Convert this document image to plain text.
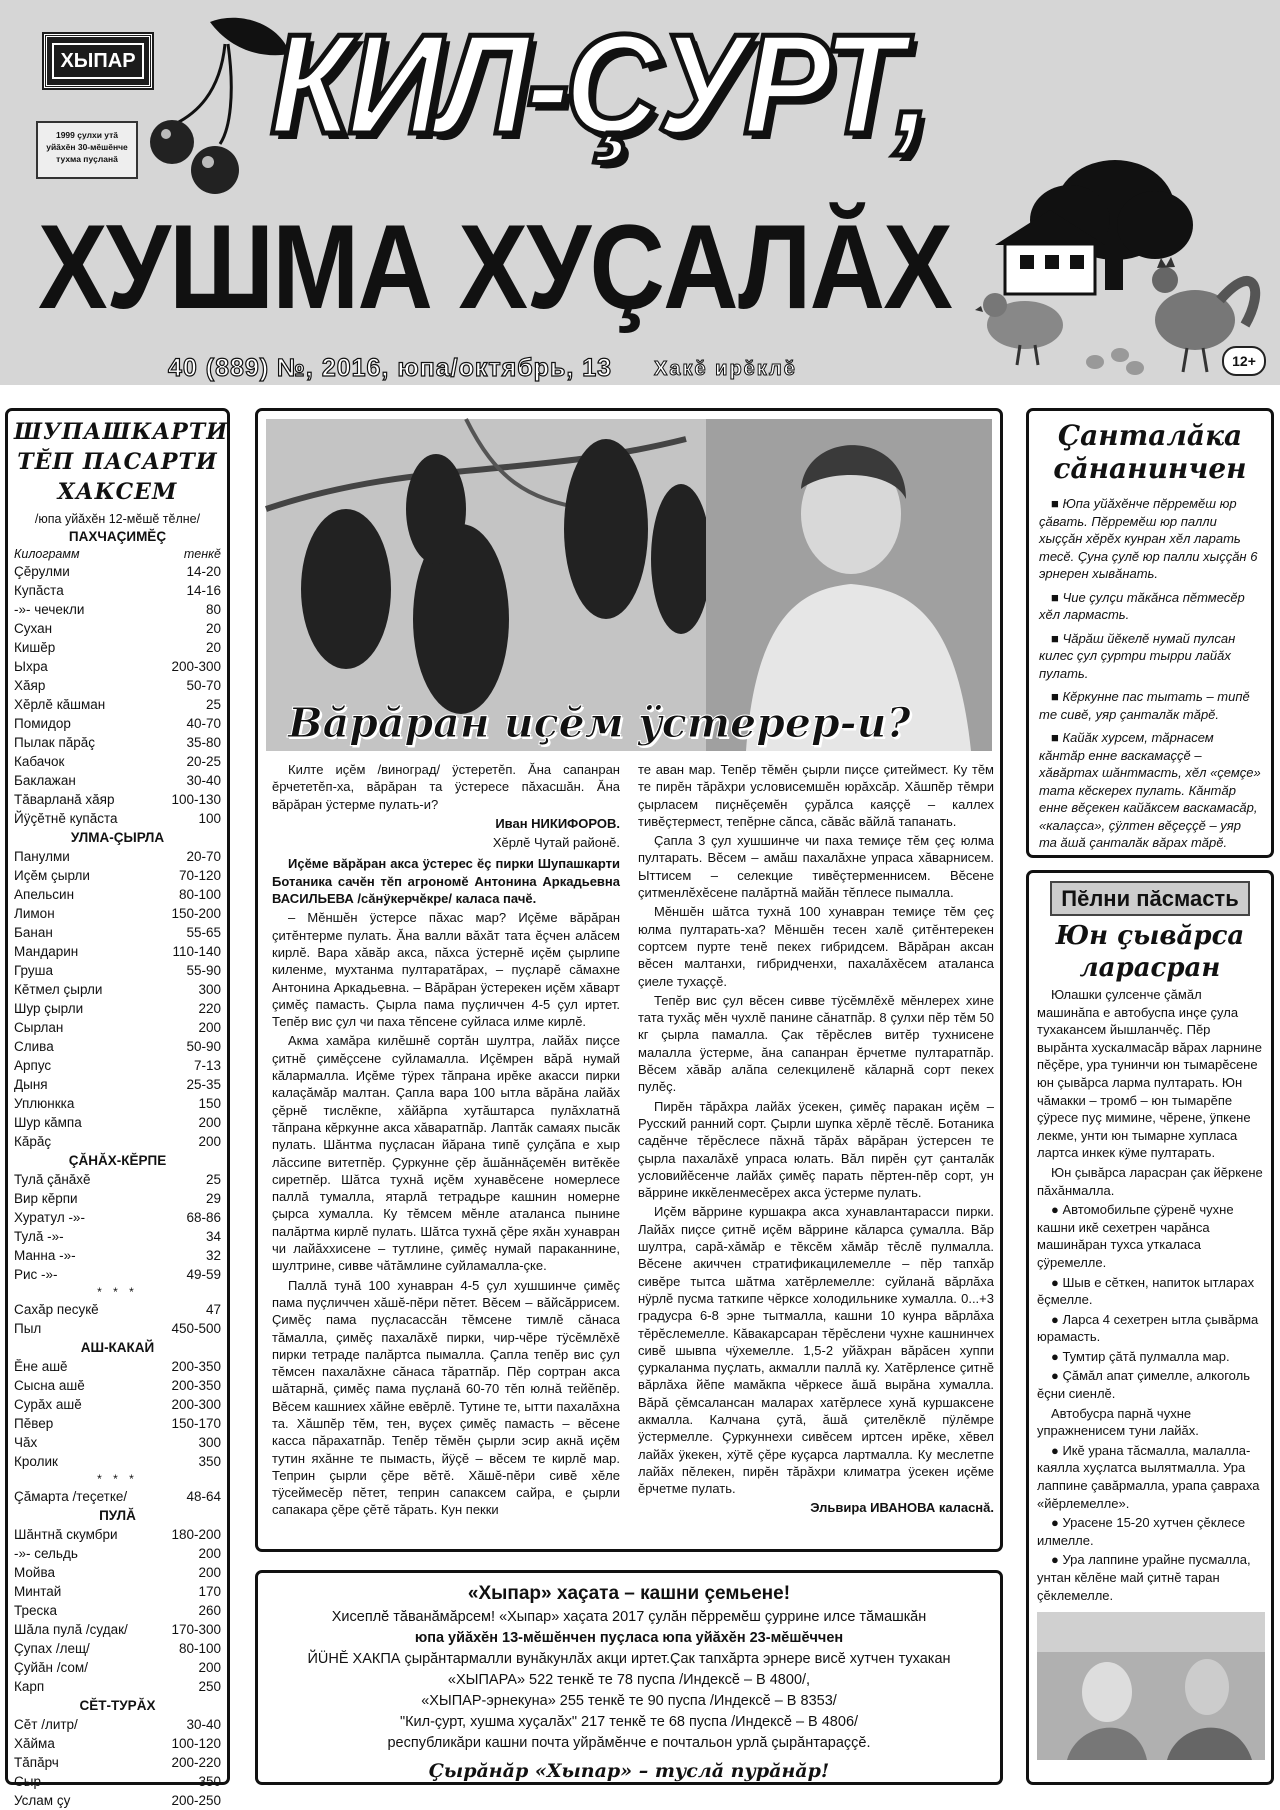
ХЫПАР
1999 çулхи утă уйăхĕн 30-мĕшĕнче тухма пуçланă КИЛ-ÇУРТ,
ХУШМА ХУÇАЛĂХ
40 (889) №, 2016, юпа/октябрь, 13 Хакĕ ирĕклĕ	12+
ШУПАШКАРТИ ТĔП ПАСАРТИ ХАКСЕМ
/юпа уйăхĕн 12-мĕшĕ тĕлне/
ПАХЧАÇИМĔÇ
Килограмм	тенкĕ
Çĕрулми	14-20
Купăста	14-16
-»- чечекли	80
Сухан	20
Кишĕр	20
Ыхра	200-300
Хăяр	50-70
Хĕрлĕ кăшман	25
Помидор	40-70
Пылак пăрăç	35-80
Кабачок	20-25
Баклажан	30-40
Тăварланă хăяр	100-130
Йÿçĕтнĕ купăста	100
УЛМА-ÇЫРЛА
Панулми	20-70
Иçĕм çырли	70-120
Апельсин	80-100
Лимон	150-200
Банан	55-65
Мандарин	110-140
Груша	55-90
Кĕтмел çырли	300
Шур çырли	220
Сырлан	200
Слива	50-90
Арпус	7-13
Дыня	25-35
Уплюнкка	150
Шур кăмпа	200
Кăрăç	200
ÇĂНĂХ-КĔРПЕ
Тулă çăнăхĕ	25
Вир кĕрпи	29
Хуратул -»-	68-86
Тулă -»-	34
Манна -»-	32
Рис -»-	49-59
* * *
Сахăр песукĕ	47
Пыл	450-500
АШ-КАКАЙ
Ĕне ашĕ	200-350
Сысна ашĕ	200-350
Сурăх ашĕ	200-300
Пĕвер	150-170
Чăх	300
Кролик	350
* * *
Çăмарта /теçетке/	48-64
ПУЛĂ
Шăнтнă скумбри	180-200
-»- сельдь	200
Мойва	200
Минтай	170
Треска	260
Шăла пулă /судак/	170-300
Çупах /лещ/	80-100
Çуйăн /сом/	200
Карп	250
СĔТ-ТУРĂХ
Сĕт /литр/	30-40
Хăйма	100-120
Тăпăрч	200-220
Сыр	350
Услам çу	200-250
Вăрăран иçĕм ÿстерер-и?

Килте иçĕм /виноград/ ÿстеретĕп. Ăна сапанран ĕрчететĕп-ха, вăрăран та ÿстересе пăхасшăн. Ăна вăрăран ÿстерме пулать-и?

Иван НИКИФОРОВ.

Хĕрлĕ Чутай районĕ.

Иçĕме вăрăран акса ÿстерес ĕç пирки Шупашкарти Ботаника сачĕн тĕп агрономĕ Антонина Аркадьевна ВАСИЛЬЕВА /сăнÿкерчĕкре/ каласа пачĕ.

– Мĕншĕн ÿстерсе пăхас мар? Иçĕме вăрăран çитĕнтерме пулать. Ăна валли вăхăт тата ĕçчен алăсем кирлĕ. Вара хăвăр акса, пăхса ÿстернĕ иçĕм çырлипе киленме, мухтанма пултаратăрах, – пуçларĕ сăмахне Антонина Аркадьевна. – Вăрăран ÿстерекен иçĕм хăварт çимĕç памасть. Çырла пама пуçличчен 4-5 çул иртет. Тепĕр вис çул чи паха тĕпсене суйласа илме кирлĕ.

Акма хамăра килĕшнĕ сортăн шултра, лайăх пиçсе çитнĕ çимĕçсене суйламалла. Иçĕмрен вăрă нумай кăлармалла. Иçĕме тÿрех тăпрана ирĕке акасси пирки калаçăмăр малтан. Çапла вара 100 ытла вăрăна лайăх çĕрнĕ тислĕкпе, хăйăрпа хутăштарса пулăхлатнă тăпрана кĕркунне акса хăваратпăр. Лаптăк самаях пысăк пулать. Шăнтма пуçласан йăрана типĕ çулçăпа е хыр лăссипе витетпĕр. Çуркунне çĕр ăшăннăçемĕн витĕкĕе сиретпĕр. Шăтса тухнă иçĕм хунавĕсене номерлесе паллă тумалла, ятарлă тетрадьре кашнин номерне çырса хумалла. Ку тĕмсем мĕнле аталанса пынине палăртма кирлĕ пулать. Шăтса тухнă çĕре яхăн хунавран чи лайăххисене – тутлине, çимĕç нумай параканнине, шултрине, сивве чăтăмлине суйламалла-çке.

Паллă тунă 100 хунавран 4-5 çул хушшинче çимĕç пама пуçличчен хăшĕ-пĕри пĕтет. Вĕсем – вăйсăррисем. Çимĕç пама пуçласассăн тĕмсене тимлĕ сăнаса тăмалла, çимĕç пахалăхĕ пирки, чир-чĕре тÿсĕмлĕхĕ пирки тетраде палăртса пымалла. Çапла тепĕр вис çул тĕмсен пахалăхне сăнаса тăратпăр. Пĕр сортран акса шăтарнă, çимĕç пама пуçланă 60-70 тĕп юлнă тейĕпĕр. Вĕсем кашниех хăйне евĕрлĕ. Тутине те, ытти пахалăхна та. Хăшпĕр тĕм, тен, вуçех çимĕç памасть – вĕсене касса пăрахатпăр. Тепĕр тĕмĕн çырли эсир акнă иçĕм тутин яхăнне те пымасть, йÿçĕ – вĕсем те кирлĕ мар. Теприн çырли çĕре вĕтĕ. Хăшĕ-пĕри сивĕ хĕле тÿсеймесĕр пĕтет, теприн сапаксем сайра, е çырли сапакара çĕре çĕтĕ тăрать. Кун пекки

те аван мар. Тепĕр тĕмĕн çырли пиçсе çитеймест. Ку тĕм те пирĕн тăрăхри условисемшĕн юрăхсăр. Хăшпĕр тĕмри çырласем пиçнĕçемĕн çурăлса каяççĕ – каллех тивĕçтермест, тепĕрне сăпса, сăвăс вăйлă тапанать.

Çапла 3 çул хушшинче чи паха темиçе тĕм çеç юлма пултарать. Вĕсем – амăш пахалăхне упраса хăварнисем. Ыттисем – селекцие тивĕçтерменнисем. Вĕсене çитменлĕхĕсене палăртнă майăн тĕплесе пымалла.

Мĕншĕн шăтса тухнă 100 хунавран темиçе тĕм çеç юлма пултарать-ха? Мĕншĕн тесен халĕ çитĕнтерекен сортсем пурте тенĕ пекех гибридсем. Вăрăран аксан вĕсен малтанхи, гибридченхи, пахалăхĕсем аталанса çиеле тухаççĕ.

Тепĕр вис çул вĕсен сивве тÿсĕмлĕхĕ мĕнлерех хине тата тухăç мĕн чухлĕ панине сăнатпăр. 8 çулхи пĕр тĕм 50 кг çырла памалла. Çак тĕрĕслев витĕр тухнисене малалла ÿстерме, ăна сапанран ĕрчетме пултаратпăр. Вĕсем хăвăр алăпа селекциленĕ кăларнă сорт пекех пулĕç.

Пирĕн тăрăхра лайăх ÿсекен, çимĕç паракан иçĕм – Русский ранний сорт. Çырли шупка хĕрлĕ тĕслĕ. Ботаника садĕнче тĕрĕслесе пăхнă тăрăх вăрăран ÿстерсен те çырла пахалăхĕ упраса юлать. Вăл пирĕн çут çанталăк условийĕсенче лайăх çимĕç парать пĕртен-пĕр сорт, ун вăррине иккĕленмесĕрех акса ÿстерме пулать.

Иçĕм вăррине куршакра акса хунавлантарасси пирки. Лайăх пиçсе çитнĕ иçĕм вăррине кăларса çумалла. Вăр шултра, сарă-хăмăр е тĕксĕм хăмăр тĕслĕ пулмалла. Вĕсене акиччен стратификацилемелле – пĕр тапхăр сивĕре тытса шăтма хатĕрлемелле: суйланă вăрлăха нÿрлĕ пусма таткипе чĕрксе холодильнике хумалла. 0...+3 градусра 6-8 эрне тытмалла, кашни 10 кунра вăрлăха тĕрĕслемелле. Кăвакарсаран тĕрĕслени чухне кашнинчех сивĕ шывпа чÿхемелле. 1,5-2 уйăхран вăрăсен хуппи çуркаланма пуçлать, акмалли паллă ку. Хатĕрленсе çитнĕ вăрлăха йĕпе мамăкпа чĕркесе ăшă вырăна хумалла. Вăрă çĕмсалансан маларах хатĕрлесе хунă куршаксене акмалла. Калчана çутă, ăшă çителĕклĕ пÿлĕмре ÿстермелле. Çуркуннехи сивĕсем иртсен ирĕке, хĕвел лайăх ÿкекен, хÿтĕ çĕре куçарса лартмалла. Ку меслетпе лайăх пĕлекен, пирĕн тăрăхри климатра ÿсекен иçĕме ĕрчетме пулать.

Эльвира ИВАНОВА каласнă.

«Хыпар» хаçата – кашни çемьене!
Хисеплĕ тăванăмăрсем! «Хыпар» хаçата 2017 çулăн пĕрремĕш çуррине илсе тăмашкăн
юпа уйăхĕн 13-мĕшĕнчен пуçласа юпа уйăхĕн 23-мĕшĕччен
ЙÜНĔ ХАКПА çырăнтармалли вунăкунлăх акци иртет.Çак тапхăрта эрнере висĕ хутчен тухакан
«ХЫПАРА» 522 тенкĕ те 78 пуспа /Индексĕ – В 4800/,
«ХЫПАР-эрнекуна» 255 тенкĕ те 90 пуспа /Индексĕ – В 8353/
"Кил-çурт, хушма хуçалăх" 217 тенкĕ те 68 пуспа /Индексĕ – В 4806/
республикăри кашни почта уйрăмĕнче е почтальон урлă çырăнтараççĕ.
Çырăнăр «Хыпар» – туслă пурăнăр!
Çанталăка сăнанинчен

■ Юпа уйăхĕнче пĕрремĕш юр çăвать. Пĕрремĕш юр палли хыççăн хĕрĕх кунран хĕл ларать тесĕ. Çуна çулĕ юр палли хыççăн 6 эрнерен хывăнать.

■ Чие çулçи тăкăнса пĕтмесĕр хĕл лармасть.

■ Чăрăш йĕкелĕ нумай пулсан килес çул çуртри тырри лайăх пулать.

■ Кĕркунне пас тытать – типĕ те сивĕ, уяр çанталăк тăрĕ.

■ Кайăк хурсем, тăрнасем кăнтăр енне васкамаççĕ – хăвăртах шăнтмасть, хĕл «çемçе» тата кĕскерех пулать. Кăнтăр енне вĕçекен кайăксем васкамасăр, «калаçса», çÿлтен вĕçеççĕ – уяр та ăшă çанталăк вăрах тăрĕ.

Пĕлни пăсмасть
Юн çывăрса ларасран

Юлашки çулсенче çăмăл машинăпа е автобуспа инçе çула тухакансем йышланчĕç. Пĕр вырăнта хускалмасăр вăрах ларнине пĕçĕре, ура тунинчи юн тымарĕсене юн çывăрса ларма пултарать. Юн чăмакки – тромб – юн тымарĕпе çÿресе пуç миминe, чĕрене, ÿпкене лекме, унти юн тымарне хупласа лартса инкек кÿме пултарать.

Юн çывăрса ларасран çак йĕркене пăхăнмалла.

● Автомобильпе çÿренĕ чухне кашни икĕ сехетрен чарăнса машинăран тухса уткаласа çÿремелле.

● Шыв е сĕткен, напиток ытларах ĕçмелле.

● Ларса 4 сехетрен ытла çывăрма юрамасть.

● Тумтир çăтă пулмалла мар.

● Çăмăл апат çимелле, алкоголь ĕçни сиенлĕ.

Автобусра парнă чухне упражненисем туни лайăх.

● Икĕ урана тăсмалла, малалла-каялла хуçлатса вылятмалла. Ура лаппине çавăрмалла, урапа çавраха «йĕрлемелле».

● Урасене 15-20 хутчен çĕклесе илмелле.

● Ура лаппине урайне пусмалла, унтан кĕлĕне май çитнĕ таран çĕклемелле.
